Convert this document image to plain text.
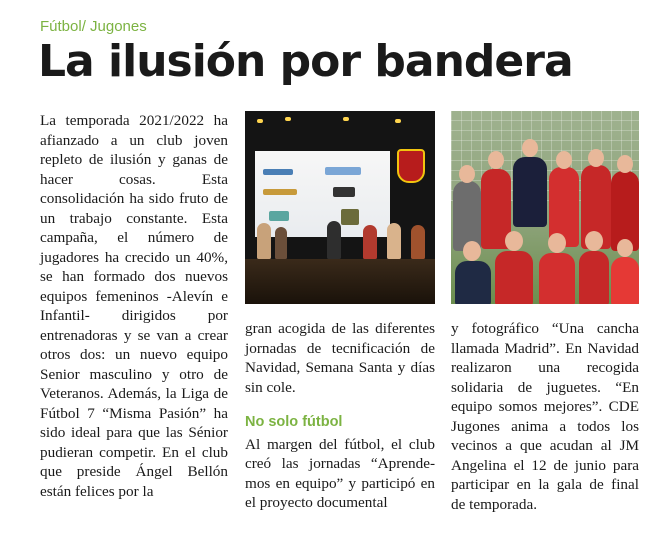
Fútbol/ Jugones
La ilusión por bandera

La temporada 2021/2022 ha afianzado a un club joven repleto de ilusión y ganas de hacer cosas. Esta consolidación ha sido fruto de un trabajo constante. Esta campaña, el número de jugadores ha crecido un 40%, se han formado dos nuevos equipos femeninos -Alevín e Infantil- dirigidos por entrenadoras y se van a crear otros dos: un nuevo equipo Senior masculino y otro de Veteranos. Además, la Liga de Fútbol 7 “Misma Pasión” ha sido ideal para que las Sénior pudieran competir. En el club que preside Ángel Bellón están felices por la

gran acogida de las diferentes jornadas de tecnificación de Navidad, Semana Santa y días sin cole.

No solo fútbol

Al margen del fútbol, el club creó las jornadas “Aprendemos en equipo” y participó en el proyecto documental

y fotográfico “Una cancha llamada Madrid”. En Navidad realizaron una recogida solidaria de juguetes. “En equipo somos mejores”. CDE Jugones anima a todos los vecinos a que acudan al JM Angelina el 12 de junio para participar en la gala de final de temporada.
